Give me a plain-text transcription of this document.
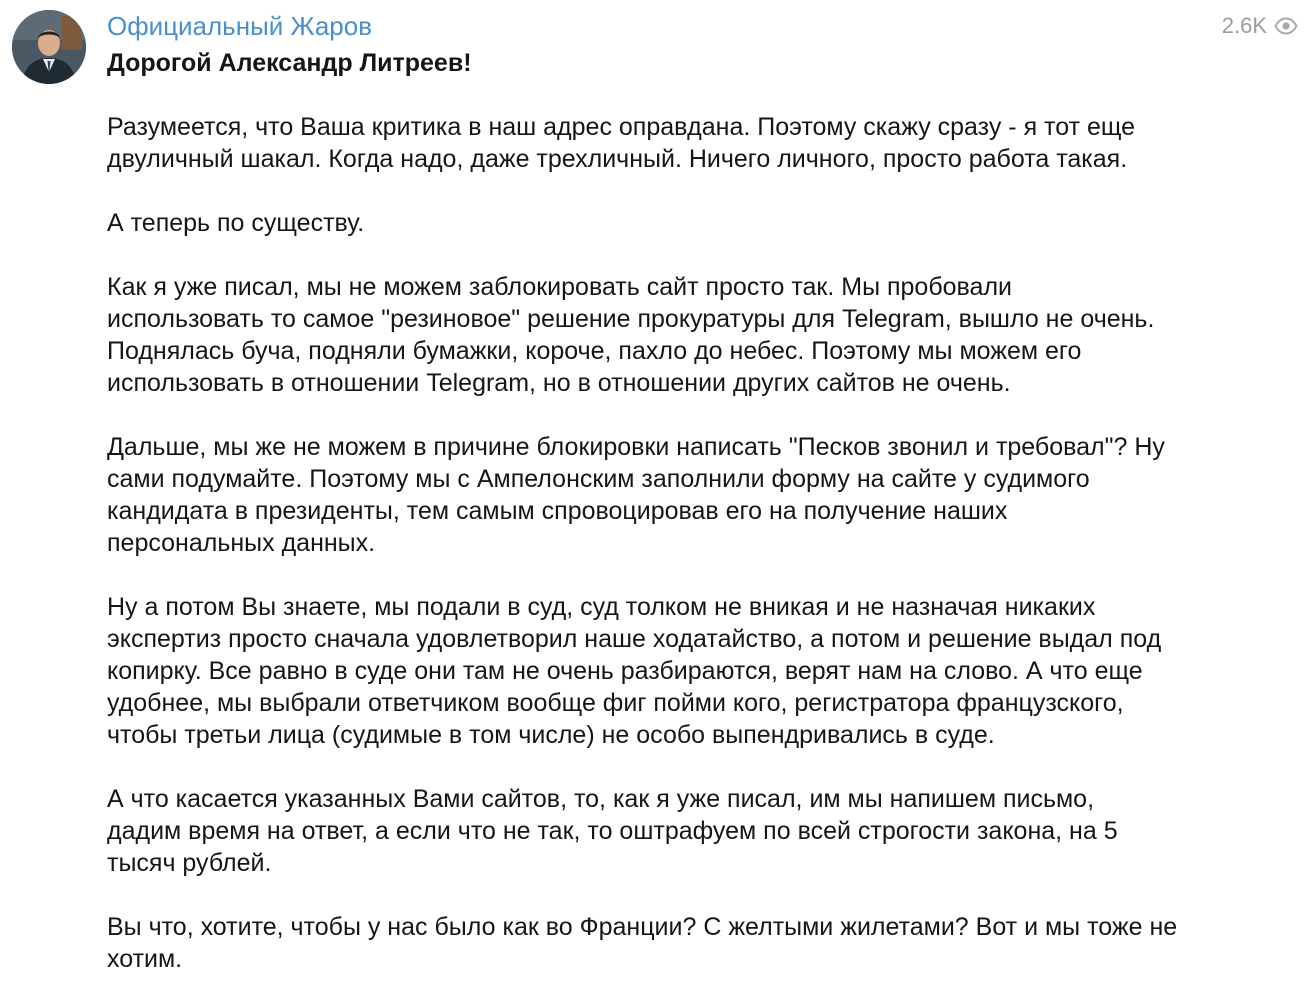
Официальный Жаров	2.6K

Дорогой Александр Литреев!

Разумеется, что Ваша критика в наш адрес оправдана. Поэтому скажу сразу - я тот еще
двуличный шакал. Когда надо, даже трехличный. Ничего личного, просто работа такая.

А теперь по существу.

Как я уже писал, мы не можем заблокировать сайт просто так. Мы пробовали
использовать то самое "резиновое" решение прокуратуры для Telegram, вышло не очень.
Поднялась буча, подняли бумажки, короче, пахло до небес. Поэтому мы можем его
использовать в отношении Telegram, но в отношении других сайтов не очень.

Дальше, мы же не можем в причине блокировки написать "Песков звонил и требовал"? Ну
сами подумайте. Поэтому мы с Ампелонским заполнили форму на сайте у судимого
кандидата в президенты, тем самым спровоцировав его на получение наших
персональных данных.

Ну а потом Вы знаете, мы подали в суд, суд толком не вникая и не назначая никаких
экспертиз просто сначала удовлетворил наше ходатайство, а потом и решение выдал под
копирку. Все равно в суде они там не очень разбираются, верят нам на слово. А что еще
удобнее, мы выбрали ответчиком вообще фиг пойми кого, регистратора французского,
чтобы третьи лица (судимые в том числе) не особо выпендривались в суде.

А что касается указанных Вами сайтов, то, как я уже писал, им мы напишем письмо,
дадим время на ответ, а если что не так, то оштрафуем по всей строгости закона, на 5
тысяч рублей.

Вы что, хотите, чтобы у нас было как во Франции? С желтыми жилетами? Вот и мы тоже не
хотим.
